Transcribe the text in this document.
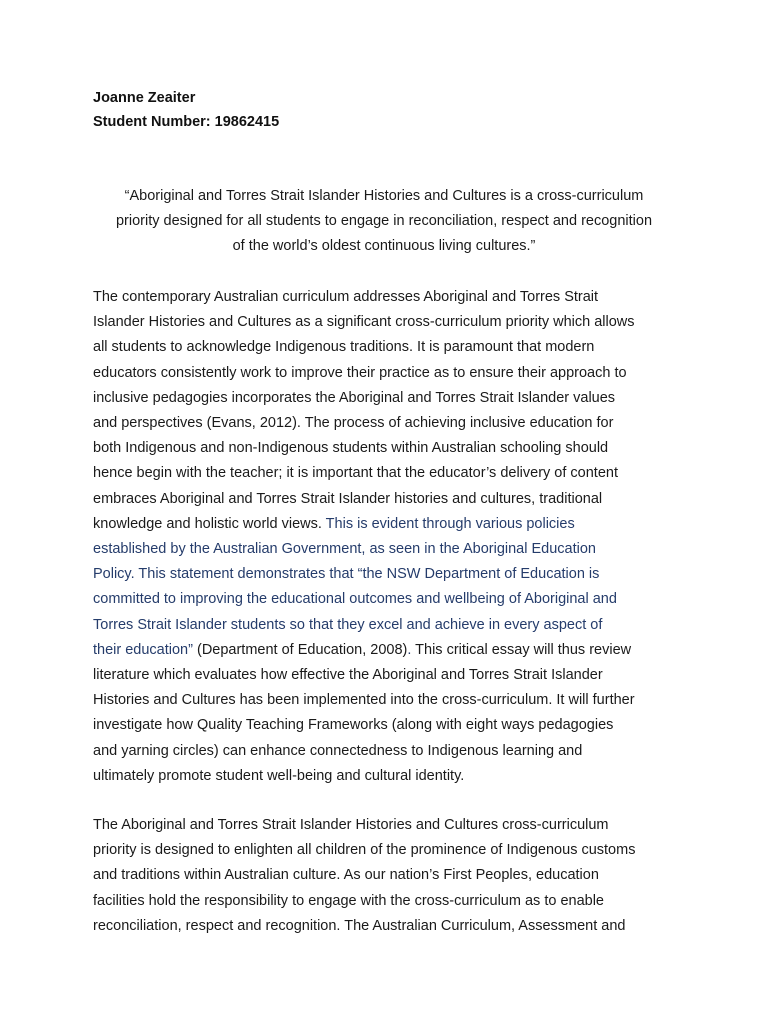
Joanne Zeaiter
Student Number: 19862415
“Aboriginal and Torres Strait Islander Histories and Cultures is a cross-curriculum
priority designed for all students to engage in reconciliation, respect and recognition
of the world’s oldest continuous living cultures.”
The contemporary Australian curriculum addresses Aboriginal and Torres Strait
Islander Histories and Cultures as a significant cross-curriculum priority which allows
all students to acknowledge Indigenous traditions. It is paramount that modern
educators consistently work to improve their practice as to ensure their approach to
inclusive pedagogies incorporates the Aboriginal and Torres Strait Islander values
and perspectives (Evans, 2012). The process of achieving inclusive education for
both Indigenous and non-Indigenous students within Australian schooling should
hence begin with the teacher; it is important that the educator’s delivery of content
embraces Aboriginal and Torres Strait Islander histories and cultures, traditional
knowledge and holistic world views. This is evident through various policies
established by the Australian Government, as seen in the Aboriginal Education
Policy. This statement demonstrates that “the NSW Department of Education is
committed to improving the educational outcomes and wellbeing of Aboriginal and
Torres Strait Islander students so that they excel and achieve in every aspect of
their education” (Department of Education, 2008). This critical essay will thus review
literature which evaluates how effective the Aboriginal and Torres Strait Islander
Histories and Cultures has been implemented into the cross-curriculum. It will further
investigate how Quality Teaching Frameworks (along with eight ways pedagogies
and yarning circles) can enhance connectedness to Indigenous learning and
ultimately promote student well-being and cultural identity.
The Aboriginal and Torres Strait Islander Histories and Cultures cross-curriculum
priority is designed to enlighten all children of the prominence of Indigenous customs
and traditions within Australian culture. As our nation’s First Peoples, education
facilities hold the responsibility to engage with the cross-curriculum as to enable
reconciliation, respect and recognition. The Australian Curriculum, Assessment and
